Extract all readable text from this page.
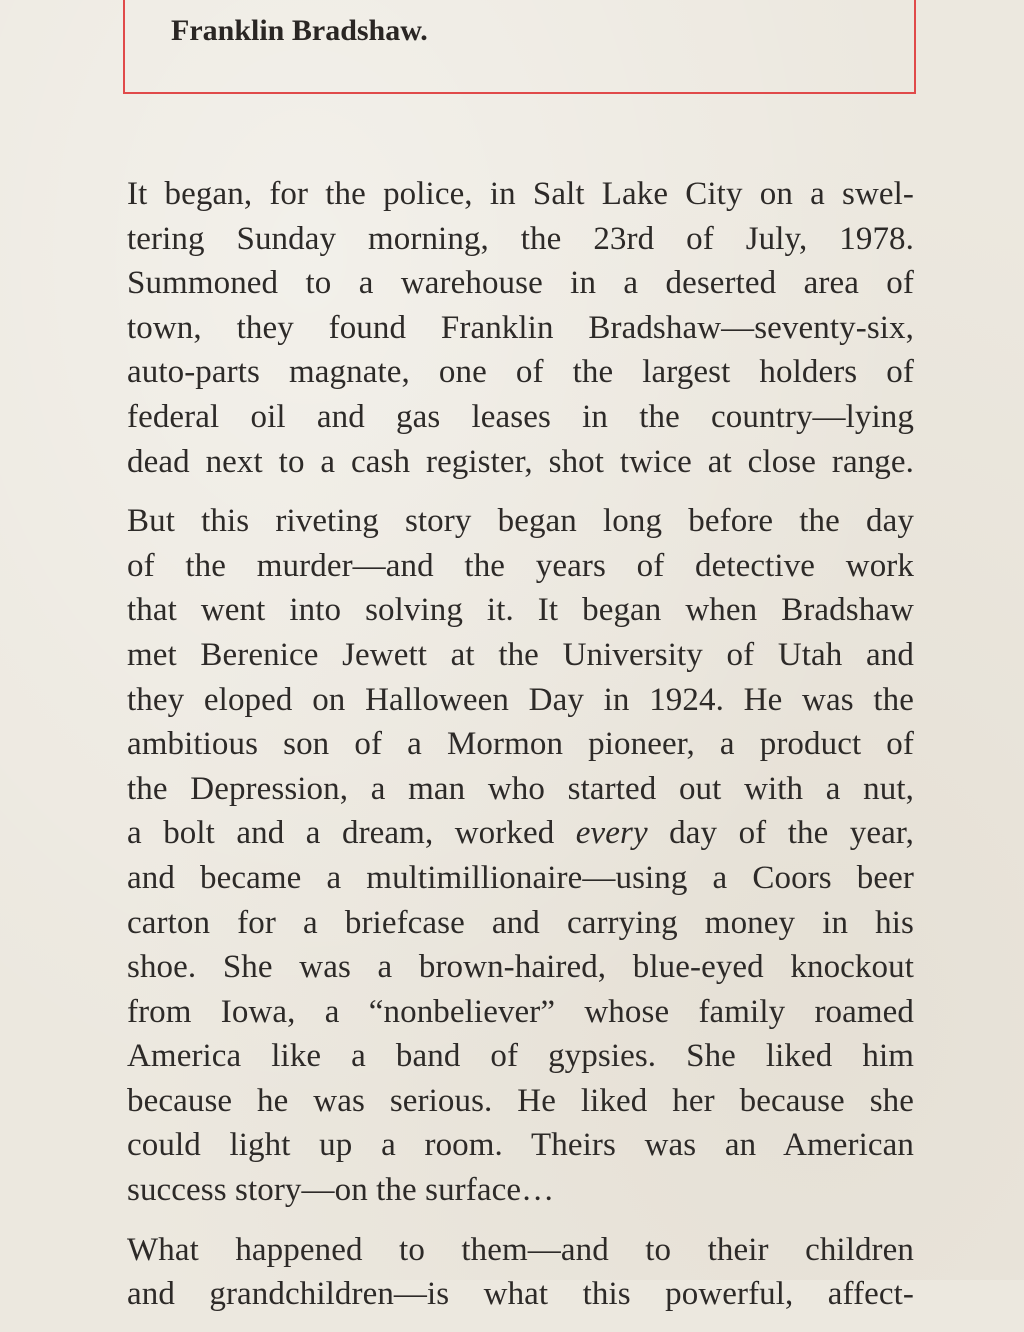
Franklin Bradshaw.
It began, for the police, in Salt Lake City on a swel-
tering Sunday morning, the 23rd of July, 1978.
Summoned to a warehouse in a deserted area of
town, they found Franklin Bradshaw—seventy-six,
auto-parts magnate, one of the largest holders of
federal oil and gas leases in the country—lying
dead next to a cash register, shot twice at close range.
But this riveting story began long before the day
of the murder—and the years of detective work
that went into solving it. It began when Bradshaw
met Berenice Jewett at the University of Utah and
they eloped on Halloween Day in 1924. He was the
ambitious son of a Mormon pioneer, a product of
the Depression, a man who started out with a nut,
a bolt and a dream, worked every day of the year,
and became a multimillionaire—using a Coors beer
carton for a briefcase and carrying money in his
shoe. She was a brown-haired, blue-eyed knockout
from Iowa, a “nonbeliever” whose family roamed
America like a band of gypsies. She liked him
because he was serious. He liked her because she
could light up a room. Theirs was an American
success story—on the surface…
What happened to them—and to their children
and grandchildren—is what this powerful, affect-
